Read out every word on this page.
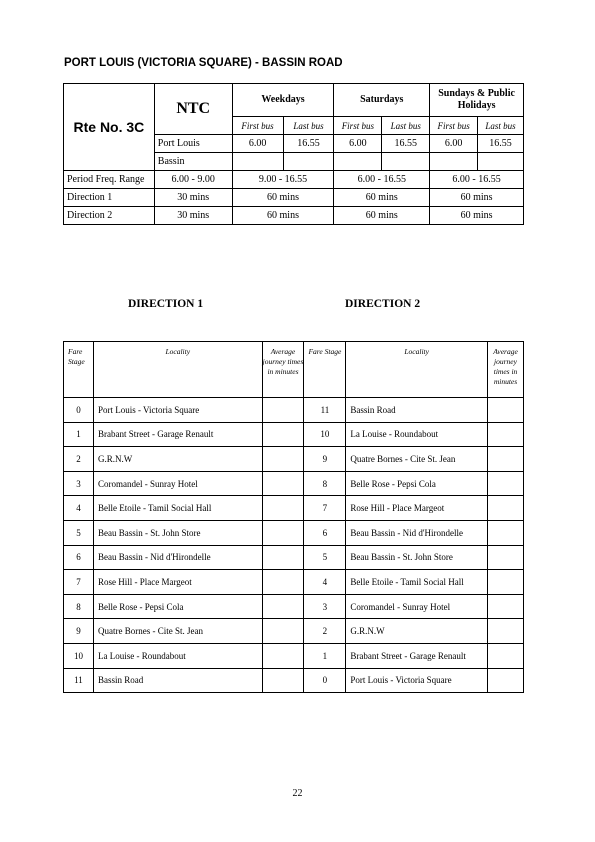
PORT LOUIS (VICTORIA SQUARE) - BASSIN ROAD
Rte No. 3C	NTC	Weekdays		Saturdays		Sundays & Public Holidays	
		First bus	Last bus	First bus	Last bus	First bus	Last bus
	Port Louis	6.00	16.55	6.00	16.55	6.00	16.55
	Bassin						
Period Freq. Range	6.00 - 9.00	9.00 - 16.55		6.00 - 16.55		6.00 - 16.55	
Direction 1	30 mins	60 mins		60 mins		60 mins	
Direction 2	30 mins	60 mins		60 mins		60 mins	
DIRECTION 1	DIRECTION 2
Fare Stage	Locality	Average journey times in minutes	Fare Stage	Locality	Average journey times in minutes
0	Port Louis - Victoria Square		11	Bassin Road	
1	Brabant Street - Garage Renault		10	La Louise - Roundabout	
2	G.R.N.W		9	Quatre Bornes - Cite St. Jean	
3	Coromandel - Sunray Hotel		8	Belle Rose - Pepsi Cola	
4	Belle Etoile - Tamil Social Hall		7	Rose Hill - Place Margeot	
5	Beau Bassin - St. John Store		6	Beau Bassin - Nid d'Hirondelle	
6	Beau Bassin - Nid d'Hirondelle		5	Beau Bassin - St. John Store	
7	Rose Hill - Place Margeot		4	Belle Etoile - Tamil Social Hall	
8	Belle Rose - Pepsi Cola		3	Coromandel - Sunray Hotel	
9	Quatre Bornes - Cite St. Jean		2	G.R.N.W	
10	La Louise - Roundabout		1	Brabant Street - Garage Renault	
11	Bassin Road		0	Port Louis - Victoria Square	
22
